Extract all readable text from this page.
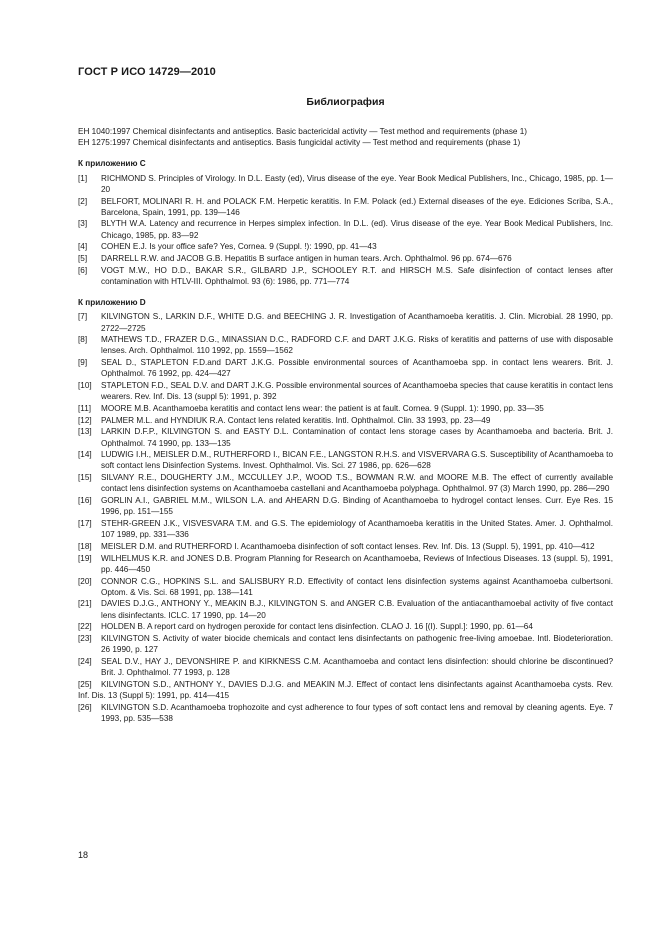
ГОСТ Р ИСО 14729—2010
Библиография

EH 1040:1997 Chemical disinfectants and antiseptics. Basic bactericidal activity — Test method and requirements (phase 1)

EH 1275:1997 Chemical disinfectants and antiseptics. Basis fungicidal activity — Test method and requirements (phase 1)

К приложению C
[1]	RICHMOND S. Principles of Virology. In D.L. Easty (ed), Virus disease of the eye. Year Book Medical Publishers, Inc., Chicago, 1985, pp. 1—20
[2]	BELFORT, MOLINARI R. H. and POLACK F.M. Herpetic keratitis. In F.M. Polack (ed.) External diseases of the eye. Ediciones Scriba, S.A., Barcelona, Spain, 1991, pp. 139—146
[3]	BLYTH W.A. Latency and recurrence in Herpes simplex infection. In D.L. (ed). Virus disease of the eye. Year Book Medical Publishers, Inc. Chicago, 1985, pp. 83—92
[4]	COHEN E.J. Is your office safe? Yes, Cornea. 9 (Suppl. !): 1990, pp. 41—43
[5]	DARRELL R.W. and JACOB G.B. Hepatitis B surface antigen in human tears. Arch. Ophthalmol. 96 pp. 674—676
[6]	VOGT M.W., HO D.D., BAKAR S.R., GILBARD J.P., SCHOOLEY R.T. and HIRSCH M.S. Safe disinfection of contact lenses after contamination with HTLV-III. Ophthalmol. 93 (6): 1986, pp. 771—774
К приложению D
[7]	KILVINGTON S., LARKIN D.F., WHITE D.G. and BEECHING J. R. Investigation of Acanthamoeba keratitis. J. Clin. Microbial. 28 1990, pp. 2722—2725
[8]	MATHEWS T.D., FRAZER D.G., MINASSIAN D.C., RADFORD C.F. and DART J.K.G. Risks of keratitis and patterns of use with disposable lenses. Arch. Ophthalmol. 110 1992, pp. 1559—1562
[9]	SEAL D., STAPLETON F.D.and DART J.K.G. Possible environmental sources of Acanthamoeba spp. in contact lens wearers. Brit. J. Ophthalmol. 76 1992, pp. 424—427
[10]	STAPLETON F.D., SEAL D.V. and DART J.K.G. Possible environmental sources of Acanthamoeba species that cause keratitis in contact lens wearers. Rev. Inf. Dis. 13 (suppl 5): 1991, p. 392
[11]	MOORE M.B. Acanthamoeba keratitis and contact lens wear: the patient is at fault. Cornea. 9 (Suppl. 1): 1990, pp. 33—35
[12]	PALMER M.L. and HYNDIUK R.A. Contact lens related keratitis. Intl. Ophthalmol. Clin. 33 1993, pp. 23—49
[13]	LARKIN D.F.P., KILVINGTON S. and EASTY D.L. Contamination of contact lens storage cases by Acanthamoeba and bacteria. Brit. J. Ophthalmol. 74 1990, pp. 133—135
[14]	LUDWIG I.H., MEISLER D.M., RUTHERFORD I., BICAN F.E., LANGSTON R.H.S. and VISVERVARA G.S. Susceptibility of Acanthamoeba to soft contact lens Disinfection Systems. Invest. Ophthalmol. Vis. Sci. 27 1986, pp. 626—628
[15]	SILVANY R.E., DOUGHERTY J.M., MCCULLEY J.P., WOOD T.S., BOWMAN R.W. and MOORE M.B. The effect of currently available contact lens disinfection systems on Acanthamoeba castellani and Acanthamoeba polyphaga. Ophthalmol. 97 (3) March 1990, pp. 286—290
[16]	GORLIN A.I., GABRIEL M.M., WILSON L.A. and AHEARN D.G. Binding of Acanthamoeba to hydrogel contact lenses. Curr. Eye Res. 15 1996, pp. 151—155
[17]	STEHR-GREEN J.K., VISVESVARA T.M. and G.S. The epidemiology of Acanthamoeba keratitis in the United States. Amer. J. Ophthalmol. 107 1989, pp. 331—336
[18]	MEISLER D.M. and RUTHERFORD I. Acanthamoeba disinfection of soft contact lenses. Rev. Inf. Dis. 13 (Suppl. 5), 1991, pp. 410—412
[19]	WILHELMUS K.R. and JONES D.B. Program Planning for Research on Acanthamoeba, Reviews of Infectious Diseases. 13 (suppl. 5), 1991, pp. 446—450
[20]	CONNOR C.G., HOPKINS S.L. and SALISBURY R.D. Effectivity of contact lens disinfection systems against Acanthamoeba culbertsoni. Optom. & Vis. Sci. 68 1991, pp. 138—141
[21]	DAVIES D.J.G., ANTHONY Y., MEAKIN B.J., KILVINGTON S. and ANGER C.B. Evaluation of the antiacanthamoebal activity of five contact lens disinfectants. ICLC. 17 1990, pp. 14—20
[22]	HOLDEN B. A report card on hydrogen peroxide for contact lens disinfection. CLAO J. 16 [(I). Suppl.]: 1990, pp. 61—64
[23]	KILVINGTON S. Activity of water biocide chemicals and contact lens disinfectants on pathogenic free-living amoebae. Intl. Biodeterioration. 26 1990, p. 127
[24]	SEAL D.V., HAY J., DEVONSHIRE P. and KIRKNESS C.M. Acanthamoeba and contact lens disinfection: should chlorine be discontinued? Brit. J. Ophthalmol. 77 1993, p. 128
[25] KILVINGTON S.D., ANTHONY Y., DAVIES D.J.G. and MEAKIN M.J. Effect of contact lens disinfectants against Acanthamoeba cysts. Rev. Inf. Dis. 13 (Suppl 5): 1991, pp. 414—415
[26]	KILVINGTON S.D. Acanthamoeba trophozoite and cyst adherence to four types of soft contact lens and removal by cleaning agents. Eye. 7 1993, pp. 535—538
18
